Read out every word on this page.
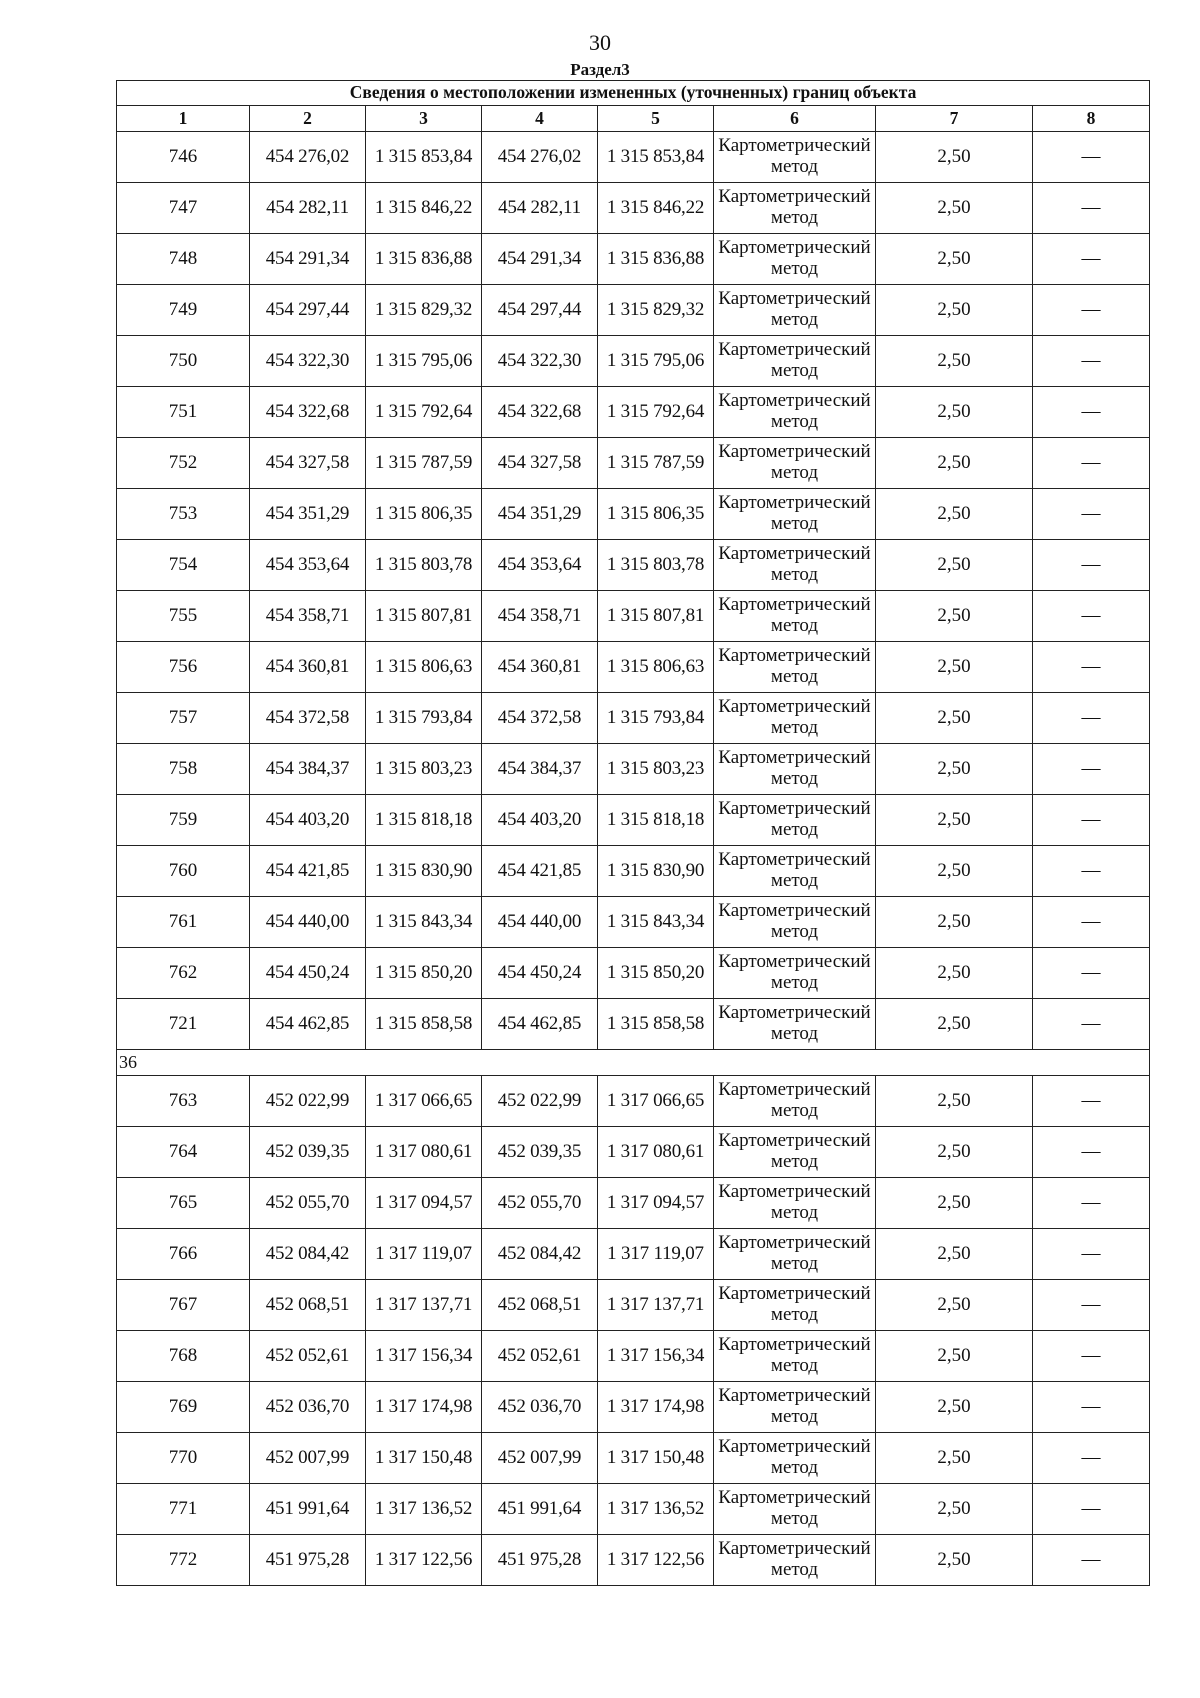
30
Раздел3
Сведения о местоположении измененных (уточненных) границ объекта							
1	2	3	4	5	6	7	8
746	454 276,02	1 315 853,84	454 276,02	1 315 853,84	Картометрический метод	2,50	—
747	454 282,11	1 315 846,22	454 282,11	1 315 846,22	Картометрический метод	2,50	—
748	454 291,34	1 315 836,88	454 291,34	1 315 836,88	Картометрический метод	2,50	—
749	454 297,44	1 315 829,32	454 297,44	1 315 829,32	Картометрический метод	2,50	—
750	454 322,30	1 315 795,06	454 322,30	1 315 795,06	Картометрический метод	2,50	—
751	454 322,68	1 315 792,64	454 322,68	1 315 792,64	Картометрический метод	2,50	—
752	454 327,58	1 315 787,59	454 327,58	1 315 787,59	Картометрический метод	2,50	—
753	454 351,29	1 315 806,35	454 351,29	1 315 806,35	Картометрический метод	2,50	—
754	454 353,64	1 315 803,78	454 353,64	1 315 803,78	Картометрический метод	2,50	—
755	454 358,71	1 315 807,81	454 358,71	1 315 807,81	Картометрический метод	2,50	—
756	454 360,81	1 315 806,63	454 360,81	1 315 806,63	Картометрический метод	2,50	—
757	454 372,58	1 315 793,84	454 372,58	1 315 793,84	Картометрический метод	2,50	—
758	454 384,37	1 315 803,23	454 384,37	1 315 803,23	Картометрический метод	2,50	—
759	454 403,20	1 315 818,18	454 403,20	1 315 818,18	Картометрический метод	2,50	—
760	454 421,85	1 315 830,90	454 421,85	1 315 830,90	Картометрический метод	2,50	—
761	454 440,00	1 315 843,34	454 440,00	1 315 843,34	Картометрический метод	2,50	—
762	454 450,24	1 315 850,20	454 450,24	1 315 850,20	Картометрический метод	2,50	—
721	454 462,85	1 315 858,58	454 462,85	1 315 858,58	Картометрический метод	2,50	—
36							
763	452 022,99	1 317 066,65	452 022,99	1 317 066,65	Картометрический метод	2,50	—
764	452 039,35	1 317 080,61	452 039,35	1 317 080,61	Картометрический метод	2,50	—
765	452 055,70	1 317 094,57	452 055,70	1 317 094,57	Картометрический метод	2,50	—
766	452 084,42	1 317 119,07	452 084,42	1 317 119,07	Картометрический метод	2,50	—
767	452 068,51	1 317 137,71	452 068,51	1 317 137,71	Картометрический метод	2,50	—
768	452 052,61	1 317 156,34	452 052,61	1 317 156,34	Картометрический метод	2,50	—
769	452 036,70	1 317 174,98	452 036,70	1 317 174,98	Картометрический метод	2,50	—
770	452 007,99	1 317 150,48	452 007,99	1 317 150,48	Картометрический метод	2,50	—
771	451 991,64	1 317 136,52	451 991,64	1 317 136,52	Картометрический метод	2,50	—
772	451 975,28	1 317 122,56	451 975,28	1 317 122,56	Картометрический метод	2,50	—
